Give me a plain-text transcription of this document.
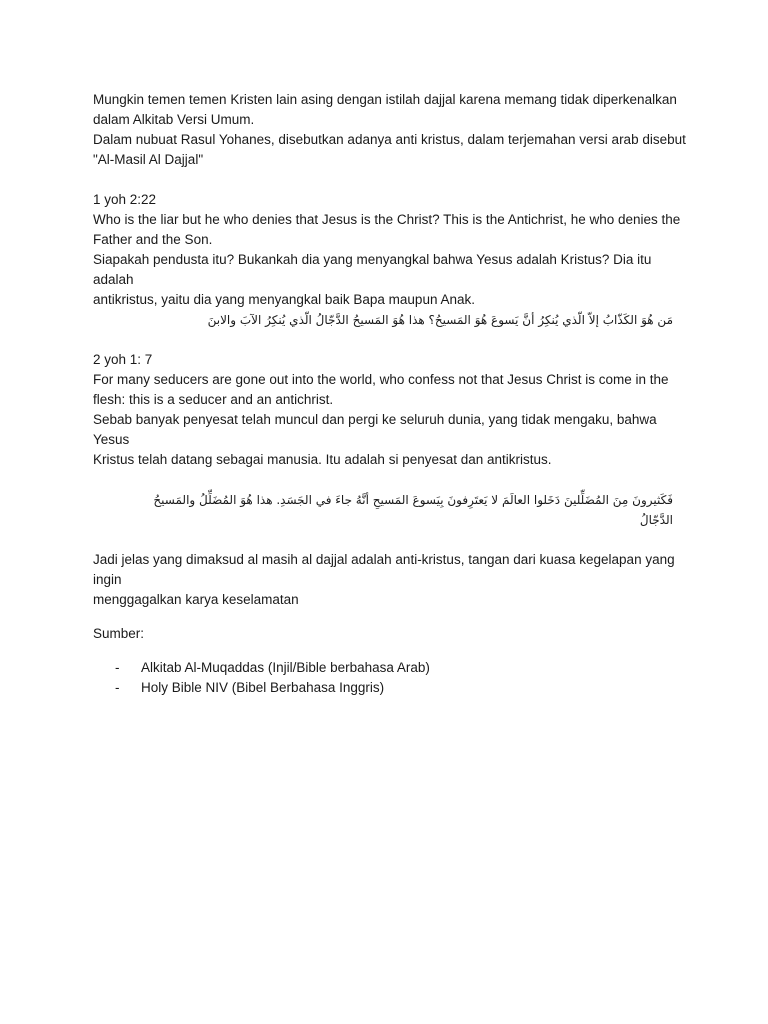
Mungkin temen temen Kristen lain asing dengan istilah dajjal karena memang tidak diperkenalkan

dalam Alkitab Versi Umum.

Dalam nubuat Rasul Yohanes, disebutkan adanya anti kristus, dalam terjemahan versi arab disebut

"Al-Masil Al Dajjal"

1 yoh 2:22

Who is the liar but he who denies that Jesus is the Christ? This is the Antichrist, he who denies the

Father and the Son.

Siapakah pendusta itu? Bukankah dia yang menyangkal bahwa Yesus adalah Kristus? Dia itu adalah

antikristus, yaitu dia yang menyangkal baik Bapa maupun Anak.

مَن هُوَ الكَذّابُ إلاّ الّذي يُنكِرُ أنَّ يَسوعَ هُوَ المَسيحُ؟ هذا هُوَ المَسيحُ الدَّجّالُ الّذي يُنكِرُ الآبَ والابنَ

2 yoh 1: 7

For many seducers are gone out into the world, who confess not that Jesus Christ is come in the

flesh: this is a seducer and an antichrist.

Sebab banyak penyesat telah muncul dan pergi ke seluruh dunia, yang tidak mengaku, bahwa Yesus

Kristus telah datang sebagai manusia. Itu adalah si penyesat dan antikristus.

فَكَثيرونَ مِنَ المُضَلِّلينَ دَخَلوا العالَمَ لا يَعتَرِفونَ بِيَسوعَ المَسيحِ أنَّهُ جاءَ في الجَسَدِ. هذا هُوَ المُضَلِّلُ والمَسيحُ

الدَّجّالُ

Jadi jelas yang dimaksud al masih al dajjal adalah anti-kristus, tangan dari kuasa kegelapan yang ingin

menggagalkan karya keselamatan

Sumber:

-	Alkitab Al-Muqaddas (Injil/Bible berbahasa Arab)
-	Holy Bible NIV (Bibel Berbahasa Inggris)
